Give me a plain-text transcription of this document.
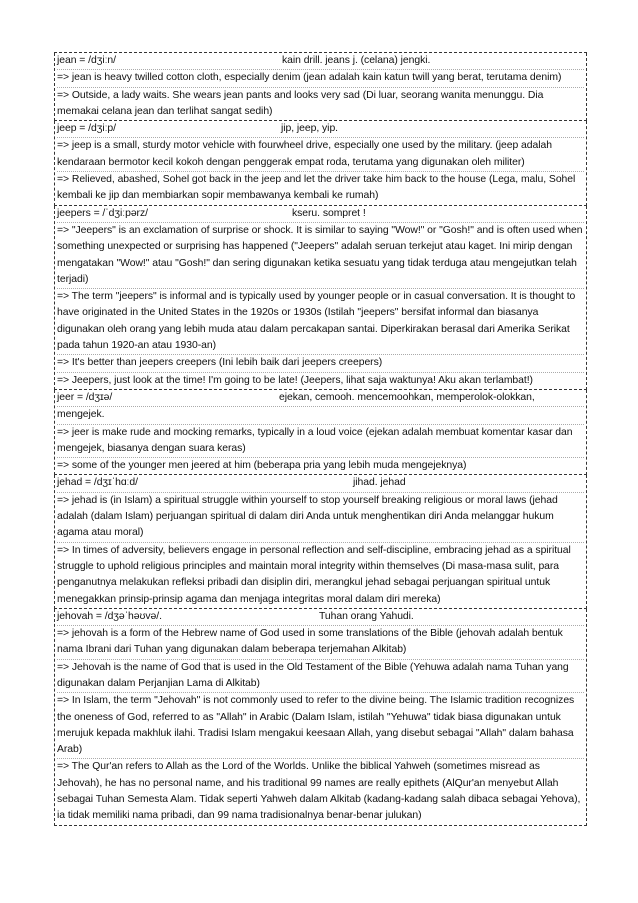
jean = /dʒiːn/	kain drill. jeans j. (celana) jengki.
=> jean is heavy twilled cotton cloth, especially denim (jean adalah kain katun twill yang berat, terutama denim)
=> Outside, a lady waits. She wears jean pants and looks very sad (Di luar, seorang wanita menunggu. Dia memakai celana jean dan terlihat sangat sedih)
jeep = /dʒiːp/	jip, jeep, yip.
=> jeep is a small, sturdy motor vehicle with fourwheel drive, especially one used by the military. (jeep adalah kendaraan bermotor kecil kokoh dengan penggerak empat roda, terutama yang digunakan oleh militer)
=> Relieved, abashed, Sohel got back in the jeep and let the driver take him back to the house (Lega, malu, Sohel kembali ke jip dan membiarkan sopir membawanya kembali ke rumah)
jeepers = /ˈdʒiːpərz/	kseru. sompret !
=> "Jeepers" is an exclamation of surprise or shock. It is similar to saying "Wow!" or "Gosh!" and is often used when something unexpected or surprising has happened ("Jeepers" adalah seruan terkejut atau kaget. Ini mirip dengan mengatakan "Wow!" atau "Gosh!" dan sering digunakan ketika sesuatu yang tidak terduga atau mengejutkan telah terjadi)
=> The term "jeepers" is informal and is typically used by younger people or in casual conversation. It is thought to have originated in the United States in the 1920s or 1930s (Istilah "jeepers" bersifat informal dan biasanya digunakan oleh orang yang lebih muda atau dalam percakapan santai. Diperkirakan berasal dari Amerika Serikat pada tahun 1920-an atau 1930-an)
=> It's better than jeepers creepers (Ini lebih baik dari jeepers creepers)
=> Jeepers, just look at the time! I'm going to be late! (Jeepers, lihat saja waktunya! Aku akan terlambat!)
jeer = /dʒɪə/	ejekan, cemooh. mencemoohkan, memperolok-olokkan,
mengejek.
=> jeer is make rude and mocking remarks, typically in a loud voice (ejekan adalah membuat komentar kasar dan mengejek, biasanya dengan suara keras)
=> some of the younger men jeered at him (beberapa pria yang lebih muda mengejeknya)
jehad = /dʒɪˈhɑːd/	jihad. jehad
=> jehad is (in Islam) a spiritual struggle within yourself to stop yourself breaking religious or moral laws (jehad adalah (dalam Islam) perjuangan spiritual di dalam diri Anda untuk menghentikan diri Anda melanggar hukum agama atau moral)
=> In times of adversity, believers engage in personal reflection and self-discipline, embracing jehad as a spiritual struggle to uphold religious principles and maintain moral integrity within themselves (Di masa-masa sulit, para penganutnya melakukan refleksi pribadi dan disiplin diri, merangkul jehad sebagai perjuangan spiritual untuk menegakkan prinsip-prinsip agama dan menjaga integritas moral dalam diri mereka)
jehovah = /dʒəˈhəʊvə/.	Tuhan orang Yahudi.
=> jehovah is a form of the Hebrew name of God used in some translations of the Bible (jehovah adalah bentuk nama Ibrani dari Tuhan yang digunakan dalam beberapa terjemahan Alkitab)
=> Jehovah is the name of God that is used in the Old Testament of the Bible (Yehuwa adalah nama Tuhan yang digunakan dalam Perjanjian Lama di Alkitab)
=> In Islam, the term "Jehovah" is not commonly used to refer to the divine being. The Islamic tradition recognizes the oneness of God, referred to as "Allah" in Arabic (Dalam Islam, istilah "Yehuwa" tidak biasa digunakan untuk merujuk kepada makhluk ilahi. Tradisi Islam mengakui keesaan Allah, yang disebut sebagai "Allah" dalam bahasa Arab)
=> The Qur'an refers to Allah as the Lord of the Worlds. Unlike the biblical Yahweh (sometimes misread as Jehovah), he has no personal name, and his traditional 99 names are really epithets (AlQur'an menyebut Allah sebagai Tuhan Semesta Alam. Tidak seperti Yahweh dalam Alkitab (kadang-kadang salah dibaca sebagai Yehova), ia tidak memiliki nama pribadi, dan 99 nama tradisionalnya benar-benar julukan)
